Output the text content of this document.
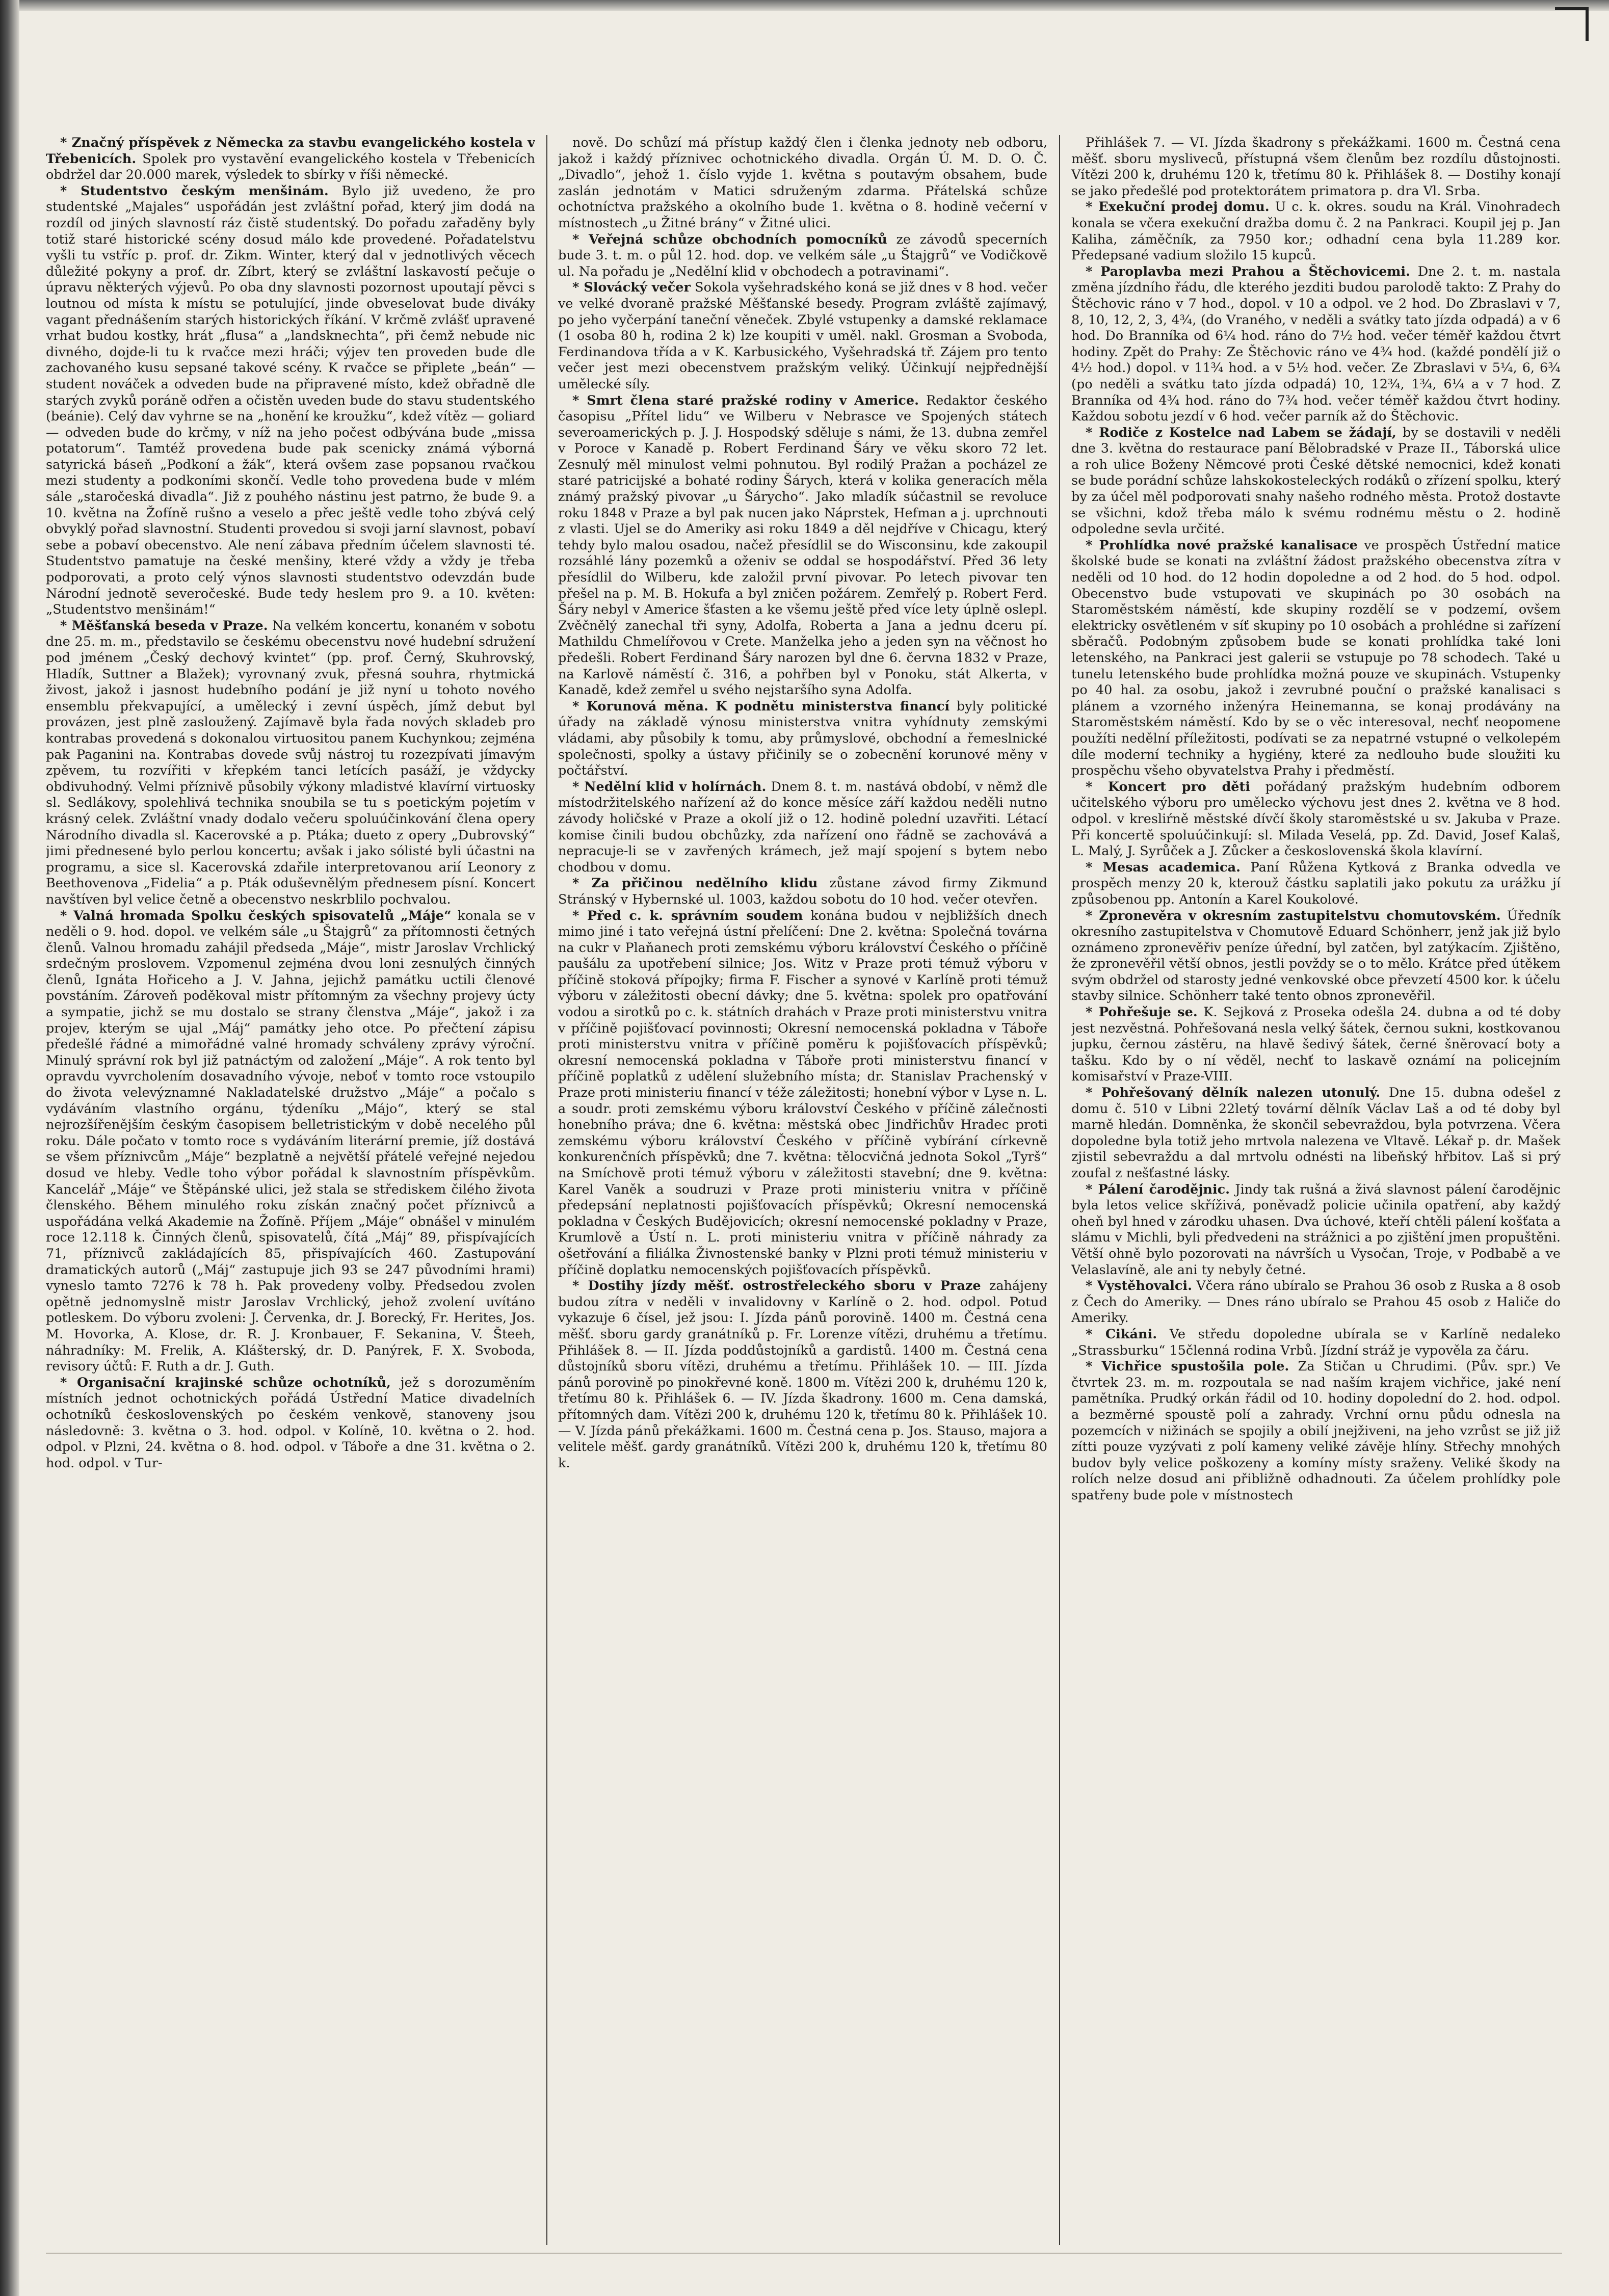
* Značný příspěvek z Německa za stavbu evangelického kostela v Třebenicích. Spolek pro vystavění evangelického kostela v Třebenicích obdržel dar 20.000 marek, výsledek to sbírky v říši německé.

* Studentstvo českým menšinám. Bylo již uvedeno, že pro studentské „Majales“ uspořádán jest zvláštní pořad, který jim dodá na rozdíl od jiných slavností ráz čistě studentský. Do pořadu zařaděny byly totiž staré historické scény dosud málo kde provedené. Pořadatelstvu vyšli tu vstříc p. prof. dr. Zikm. Winter, který dal v jednotlivých věcech důležité pokyny a prof. dr. Zíbrt, který se zvláštní laskavostí pečuje o úpravu některých výjevů. Po oba dny slavnosti pozornost upoutají pěvci s loutnou od místa k místu se potulující, jinde obveselovat bude diváky vagant přednášením starých historických říkání. V krčmě zvlášť upravené vrhat budou kostky, hrát „flusa“ a „landsknechta“, při čemž nebude nic divného, dojde-li tu k rvačce mezi hráči; výjev ten proveden bude dle zachovaného kusu sepsané takové scény. K rvačce se připlete „beán“ — student nováček a odveden bude na připravené místo, kdež obřadně dle starých zvyků poráně odřen a očistěn uveden bude do stavu studentského (beánie). Celý dav vyhrne se na „honění ke kroužku“, kdež vítěz — goliard — odveden bude do krčmy, v níž na jeho počest odbývána bude „missa potatorum“. Tamtéž provedena bude pak scenicky známá výborná satyrická báseň „Podkoní a žák“, která ovšem zase popsanou rvačkou mezi studenty a podkoními skončí. Vedle toho provedena bude v mlém sále „staročeská divadla“. Již z pouhého nástinu jest patrno, že bude 9. a 10. května na Žofíně rušno a veselo a přec ještě vedle toho zbývá celý obvyklý pořad slavnostní. Studenti provedou si svoji jarní slavnost, pobaví sebe a pobaví obecenstvo. Ale není zábava předním účelem slavnosti té. Studentstvo pamatuje na české menšiny, které vždy a vždy je třeba podporovati, a proto celý výnos slavnosti studentstvo odevzdán bude Národní jednotě severočeské. Bude tedy heslem pro 9. a 10. květen: „Studentstvo menšinám!“

* Měšťanská beseda v Praze. Na velkém koncertu, konaném v sobotu dne 25. m. m., představilo se českému obecenstvu nové hudební sdružení pod jménem „Český dechový kvintet“ (pp. prof. Černý, Skuhrovský, Hladík, Suttner a Blažek); vyrovnaný zvuk, přesná souhra, rhytmická živost, jakož i jasnost hudebního podání je již nyní u tohoto nového ensemblu překvapující, a umělecký i zevní úspěch, jímž debut byl provázen, jest plně zasloužený. Zajímavě byla řada nových skladeb pro kontrabas provedená s dokonalou virtuositou panem Kuchynkou; zejména pak Paganini na. Kontrabas dovede svůj nástroj tu rozezpívati jímavým zpěvem, tu rozvířiti v křepkém tanci letících pasáží, je vždycky obdivuhodný. Velmi příznivě působily výkony mladistvé klavírní virtuosky sl. Sedlákovy, spolehlivá technika snoubila se tu s poetickým pojetím v krásný celek. Zvláštní vnady dodalo večeru spoluúčinkování člena opery Národního divadla sl. Kacerovské a p. Ptáka; dueto z opery „Dubrovský“ jimi přednesené bylo perlou koncertu; avšak i jako sólisté byli účastni na programu, a sice sl. Kacerovská zdařile interpretovanou arií Leonory z Beethovenova „Fidelia“ a p. Pták oduševnělým přednesem písní. Koncert navštíven byl velice četně a obecenstvo neskrblilo pochvalou.

* Valná hromada Spolku českých spisovatelů „Máje“ konala se v neděli o 9. hod. dopol. ve velkém sále „u Štajgrů“ za přítomnosti četných členů. Valnou hromadu zahájil předseda „Máje“, mistr Jaroslav Vrchlický srdečným proslovem. Vzpomenul zejména dvou loni zesnulých činných členů, Ignáta Hořiceho a J. V. Jahna, jejichž památku uctili členové povstáním. Zároveň poděkoval mistr přítomným za všechny projevy úcty a sympatie, jichž se mu dostalo se strany členstva „Máje“, jakož i za projev, kterým se ujal „Máj“ památky jeho otce. Po přečtení zápisu předešlé řádné a mimořádné valné hromady schváleny zprávy výroční. Minulý správní rok byl již patnáctým od založení „Máje“. A rok tento byl opravdu vyvrcholením dosavadního vývoje, neboť v tomto roce vstoupilo do života velevýznamné Nakladatelské družstvo „Máje“ a počalo s vydáváním vlastního orgánu, týdeníku „Májo“, který se stal nejrozšířenějším českým časopisem belletristickým v době necelého půl roku. Dále počato v tomto roce s vydáváním literární premie, jíž dostává se všem příznivcům „Máje“ bezplatně a největší přátelé veřejné nejedou dosud ve hleby. Vedle toho výbor pořádal k slavnostním příspěvkům. Kancelář „Máje“ ve Štěpánské ulici, jež stala se střediskem čilého života členského. Během minulého roku získán značný počet příznivců a uspořádána velká Akademie na Žofíně. Příjem „Máje“ obnášel v minulém roce 12.118 k. Činných členů, spisovatelů, čítá „Máj“ 89, přispívajících 71, příznivců zakládajících 85, přispívajících 460. Zastupování dramatických autorů („Máj“ zastupuje jich 93 se 247 původními hrami) vyneslo tamto 7276 k 78 h. Pak provedeny volby. Předsedou zvolen opětně jednomyslně mistr Jaroslav Vrchlický, jehož zvolení uvítáno potleskem. Do výboru zvoleni: J. Červenka, dr. J. Borecký, Fr. Herites, Jos. M. Hovorka, A. Klose, dr. R. J. Kronbauer, F. Sekanina, V. Šteeh, náhradníky: M. Frelik, A. Klášterský, dr. D. Panýrek, F. X. Svoboda, revisory účtů: F. Ruth a dr. J. Guth.

* Organisační krajinské schůze ochotníků, jež s dorozuměním místních jednot ochotnických pořádá Ústřední Matice divadelních ochotníků československých po českém venkově, stanoveny jsou následovně: 3. května o 3. hod. odpol. v Kolíně, 10. května o 2. hod. odpol. v Plzni, 24. května o 8. hod. odpol. v Táboře a dne 31. května o 2. hod. odpol. v Tur-

nově. Do schůzí má přístup každý člen i členka jednoty neb odboru, jakož i každý příznivec ochotnického divadla. Orgán Ú. M. D. O. Č. „Divadlo“, jehož 1. číslo vyjde 1. května s poutavým obsahem, bude zaslán jednotám v Matici sdruženým zdarma. Přátelská schůze ochotníctva pražského a okolního bude 1. května o 8. hodině večerní v místnostech „u Žitné brány“ v Žitné ulici.

* Veřejná schůze obchodních pomocníků ze závodů specerních bude 3. t. m. o půl 12. hod. dop. ve velkém sále „u Štajgrů“ ve Vodičkově ul. Na pořadu je „Nedělní klid v obchodech a potravinami“.

* Slovácký večer Sokola vyšehradského koná se již dnes v 8 hod. večer ve velké dvoraně pražské Měšťanské besedy. Program zvláště zajímavý, po jeho vyčerpání taneční věneček. Zbylé vstupenky a damské reklamace (1 osoba 80 h, rodina 2 k) lze koupiti v uměl. nakl. Grosman a Svoboda, Ferdinandova třída a v K. Karbusického, Vyšehradská tř. Zájem pro tento večer jest mezi obecenstvem pražským veliký. Účinkují nejpřednější umělecké síly.

* Smrt člena staré pražské rodiny v Americe. Redaktor českého časopisu „Přítel lidu“ ve Wilberu v Nebrasce ve Spojených státech severoamerických p. J. J. Hospodský sděluje s námi, že 13. dubna zemřel v Poroce v Kanadě p. Robert Ferdinand Šáry ve věku skoro 72 let. Zesnulý měl minulost velmi pohnutou. Byl rodilý Pražan a pocházel ze staré patricijské a bohaté rodiny Šárych, která v kolika generacích měla známý pražský pivovar „u Šárycho“. Jako mladík súčastnil se revoluce roku 1848 v Praze a byl pak nucen jako Náprstek, Hefman a j. uprchnouti z vlasti. Ujel se do Ameriky asi roku 1849 a děl nejdříve v Chicagu, který tehdy bylo malou osadou, načež přesídlil se do Wisconsinu, kde zakoupil rozsáhlé lány pozemků a oženiv se oddal se hospodářství. Před 36 lety přesídlil do Wilberu, kde založil první pivovar. Po letech pivovar ten přešel na p. M. B. Hokufa a byl zničen požárem. Zemřelý p. Robert Ferd. Šáry nebyl v Americe šťasten a ke všemu ještě před více lety úplně oslepl. Zvěčnělý zanechal tři syny, Adolfa, Roberta a Jana a jednu dceru pí. Mathildu Chmelířovou v Crete. Manželka jeho a jeden syn na věčnost ho předešli. Robert Ferdinand Šáry narozen byl dne 6. června 1832 v Praze, na Karlově náměstí č. 316, a pohřben byl v Ponoku, stát Alkerta, v Kanadě, kdež zemřel u svého nejstaršího syna Adolfa.

* Korunová měna. K podnětu ministerstva financí byly politické úřady na základě výnosu ministerstva vnitra vyhídnuty zemskými vládami, aby působily k tomu, aby průmyslové, obchodní a řemeslnické společnosti, spolky a ústavy přičinily se o zobecnění korunové měny v počtářství.

* Nedělní klid v holírnách. Dnem 8. t. m. nastává období, v němž dle místodržitelského nařízení až do konce měsíce září každou neděli nutno závody holičské v Praze a okolí již o 12. hodině polední uzavřiti. Létací komise činili budou obchůzky, zda nařízení ono řádně se zachovává a nepracuje-li se v zavřených krámech, jež mají spojení s bytem nebo chodbou v domu.

* Za přičinou nedělního klidu zůstane závod firmy Zikmund Stránský v Hybernské ul. 1003, každou sobotu do 10 hod. večer otevřen.

* Před c. k. správním soudem konána budou v nejbližších dnech mimo jiné i tato veřejná ústní přelíčení: Dne 2. května: Společná továrna na cukr v Plaňanech proti zemskému výboru království Českého o příčině paušálu za upotřebení silnice; Jos. Witz v Praze proti témuž výboru v příčině stoková přípojky; firma F. Fischer a synové v Karlíně proti témuž výboru v záležitosti obecní dávky; dne 5. května: spolek pro opatřování vodou a sirotků po c. k. státních drahách v Praze proti ministerstvu vnitra v příčině pojišťovací povinnosti; Okresní nemocenská pokladna v Táboře proti ministerstvu vnitra v příčině poměru k pojišťovacích příspěvků; okresní nemocenská pokladna v Táboře proti ministerstvu financí v příčině poplatků z udělení služebního místa; dr. Stanislav Prachenský v Praze proti ministeriu financí v téže záležitosti; honební výbor v Lyse n. L. a soudr. proti zemskému výboru království Českého v příčině zálečnosti honebního práva; dne 6. května: městská obec Jindřichův Hradec proti zemskému výboru království Českého v příčině vybírání církevně konkurenčních příspěvků; dne 7. května: tělocvičná jednota Sokol „Tyrš“ na Smíchově proti témuž výboru v záležitosti stavební; dne 9. května: Karel Vaněk a soudruzi v Praze proti ministeriu vnitra v příčině předepsání neplatnosti pojišťovacích příspěvků; Okresní nemocenská pokladna v Českých Budějovicích; okresní nemocenské pokladny v Praze, Krumlově a Ústí n. L. proti ministeriu vnitra v příčině náhrady za ošetřování a filiálka Živnostenské banky v Plzni proti témuž ministeriu v příčině doplatku nemocenských pojišťovacích příspěvků.

* Dostihy jízdy měšť. ostrostřeleckého sboru v Praze zahájeny budou zítra v neděli v invalidovny v Karlíně o 2. hod. odpol. Potud vykazuje 6 čísel, jež jsou: I. Jízda pánů porovině. 1400 m. Čestná cena měšť. sboru gardy granátníků p. Fr. Lorenze vítězi, druhému a třetímu. Přihlášek 8. — II. Jízda poddůstojníků a gardistů. 1400 m. Čestná cena důstojníků sboru vítězi, druhému a třetímu. Přihlášek 10. — III. Jízda pánů porovině po pinokřevné koně. 1800 m. Vítězi 200 k, druhému 120 k, třetímu 80 k. Přihlášek 6. — IV. Jízda škadrony. 1600 m. Cena damská, přítomných dam. Vítězi 200 k, druhému 120 k, třetímu 80 k. Přihlášek 10. — V. Jízda pánů překážkami. 1600 m. Čestná cena p. Jos. Stauso, majora a velitele měšť. gardy granátníků. Vítězi 200 k, druhému 120 k, třetímu 80 k.

Přihlášek 7. — VI. Jízda škadrony s překážkami. 1600 m. Čestná cena měšť. sboru mysliveců, přístupná všem členům bez rozdílu důstojnosti. Vítězi 200 k, druhému 120 k, třetímu 80 k. Přihlášek 8. — Dostihy konají se jako předešlé pod protektorátem primatora p. dra Vl. Srba.

* Exekuční prodej domu. U c. k. okres. soudu na Král. Vinohradech konala se včera exekuční dražba domu č. 2 na Pankraci. Koupil jej p. Jan Kaliha, záměčník, za 7950 kor.; odhadní cena byla 11.289 kor. Předepsané vadium složilo 15 kupců.

* Paroplavba mezi Prahou a Štěchovicemi. Dne 2. t. m. nastala změna jízdního řádu, dle kterého jezditi budou parolodě takto: Z Prahy do Štěchovic ráno v 7 hod., dopol. v 10 a odpol. ve 2 hod. Do Zbraslavi v 7, 8, 10, 12, 2, 3, 4¾, (do Vraného, v neděli a svátky tato jízda odpadá) a v 6 hod. Do Branníka od 6¼ hod. ráno do 7½ hod. večer téměř každou čtvrt hodiny. Zpět do Prahy: Ze Štěchovic ráno ve 4¾ hod. (každé pondělí již o 4½ hod.) dopol. v 11¾ hod. a v 5½ hod. večer. Ze Zbraslavi v 5¼, 6, 6¾ (po neděli a svátku tato jízda odpadá) 10, 12¾, 1¾, 6¼ a v 7 hod. Z Branníka od 4¾ hod. ráno do 7¾ hod. večer téměř každou čtvrt hodiny. Každou sobotu jezdí v 6 hod. večer parník až do Štěchovic.

* Rodiče z Kostelce nad Labem se žádají, by se dostavili v neděli dne 3. května do restaurace paní Bělobradské v Praze II., Táborská ulice a roh ulice Boženy Němcové proti České dětské nemocnici, kdež konati se bude porádní schůze lahskokosteleckých rodáků o zřízení spolku, který by za účel měl podporovati snahy našeho rodného města. Protož dostavte se všichni, kdož třeba málo k svému rodnému městu o 2. hodině odpoledne sevla určité.

* Prohlídka nové pražské kanalisace ve prospěch Ústřední matice školské bude se konati na zvláštní žádost pražského obecenstva zítra v neděli od 10 hod. do 12 hodin dopoledne a od 2 hod. do 5 hod. odpol. Obecenstvo bude vstupovati ve skupinách po 30 osobách na Staroměstském náměstí, kde skupiny rozdělí se v podzemí, ovšem elektricky osvětleném v síť skupiny po 10 osobách a prohlédne si zařízení sběračů. Podobným způsobem bude se konati prohlídka také loni letenského, na Pankraci jest galerii se vstupuje po 78 schodech. Také u tunelu letenského bude prohlídka možná pouze ve skupinách. Vstupenky po 40 hal. za osobu, jakož i zevrubné pouční o pražské kanalisaci s plánem a vzorného inženýra Heinemanna, se konaj prodávány na Staroměstském náměstí. Kdo by se o věc interesoval, nechť neopomene použíti nedělní příležitosti, podívati se za nepatrné vstupné o velkolepém díle moderní techniky a hygiény, které za nedlouho bude sloužiti ku prospěchu všeho obyvatelstva Prahy i předměstí.

* Koncert pro děti pořádaný pražským hudebním odborem učitelského výboru pro umělecko výchovu jest dnes 2. května ve 8 hod. odpol. v kresliŕně městské dívčí školy staroměstské u sv. Jakuba v Praze. Při koncertě spoluúčinkují: sl. Milada Veselá, pp. Zd. David, Josef Kalaš, L. Malý, J. Syrůček a J. Zůcker a československá škola klavírní.

* Mesas academica. Paní Růžena Kytková z Branka odvedla ve prospěch menzy 20 k, kterouž částku saplatili jako pokutu za urážku jí způsobenou pp. Antonín a Karel Koukolové.

* Zpronevěra v okresním zastupitelstvu chomutovském. Úředník okresního zastupitelstva v Chomutově Eduard Schönherr, jenž jak již bylo oznámeno zpronevěřiv peníze úřední, byl zatčen, byl zatýkacím. Zjištěno, že zpronevěřil větší obnos, jestli povždy se o to mělo. Krátce před útěkem svým obdržel od starosty jedné venkovské obce převzetí 4500 kor. k účelu stavby silnice. Schönherr také tento obnos zpronevěřil.

* Pohřešuje se. K. Sejková z Proseka odešla 24. dubna a od té doby jest nezvěstná. Pohřešovaná nesla velký šátek, černou sukni, kostkovanou jupku, černou zástěru, na hlavě šedivý šátek, černé šněrovací boty a tašku. Kdo by o ní věděl, nechť to laskavě oznámí na policejním komisařství v Praze-VIII.

* Pohřešovaný dělník nalezen utonulý. Dne 15. dubna odešel z domu č. 510 v Libni 22letý tovární dělník Václav Laš a od té doby byl marně hledán. Domněnka, že skončil sebevraždou, byla potvrzena. Včera dopoledne byla totiž jeho mrtvola nalezena ve Vltavě. Lékař p. dr. Mašek zjistil sebevraždu a dal mrtvolu odnésti na libeňský hřbitov. Laš si prý zoufal z nešťastné lásky.

* Pálení čarodějnic. Jindy tak rušná a živá slavnost pálení čarodějnic byla letos velice skříživá, poněvadž policie učinila opatření, aby každý oheň byl hned v zárodku uhasen. Dva úchové, kteří chtěli pálení košťata a slámu v Michli, byli předvedeni na strážnici a po zjištění jmen propuštěni. Větší ohně bylo pozorovati na návrších u Vysočan, Troje, v Podbabě a ve Velaslavíně, ale ani ty nebyly četné.

* Vystěhovalci. Včera ráno ubíralo se Prahou 36 osob z Ruska a 8 osob z Čech do Ameriky. — Dnes ráno ubíralo se Prahou 45 osob z Haliče do Ameriky.

* Cikáni. Ve středu dopoledne ubírala se v Karlíně nedaleko „Strassburku“ 15členná rodina Vrbů. Jízdní stráž je vypověla za čáru.

* Vichřice spustošila pole. Za Stičan u Chrudimi. (Pův. spr.) Ve čtvrtek 23. m. m. rozpoutala se nad naším krajem vichřice, jaké není pamětníka. Prudký orkán řádil od 10. hodiny dopolední do 2. hod. odpol. a bezměrné spoustě polí a zahrady. Vrchní ornu půdu odnesla na pozemcích v nižinách se spojily a obilí jnejživeni, na jeho vzrůst se již již zítti pouze vyzývati z polí kameny veliké závěje hlíny. Střechy mnohých budov byly velice poškozeny a komíny místy sraženy. Veliké škody na rolích nelze dosud ani přibližně odhadnouti. Za účelem prohlídky pole spatřeny bude pole v místnostech
